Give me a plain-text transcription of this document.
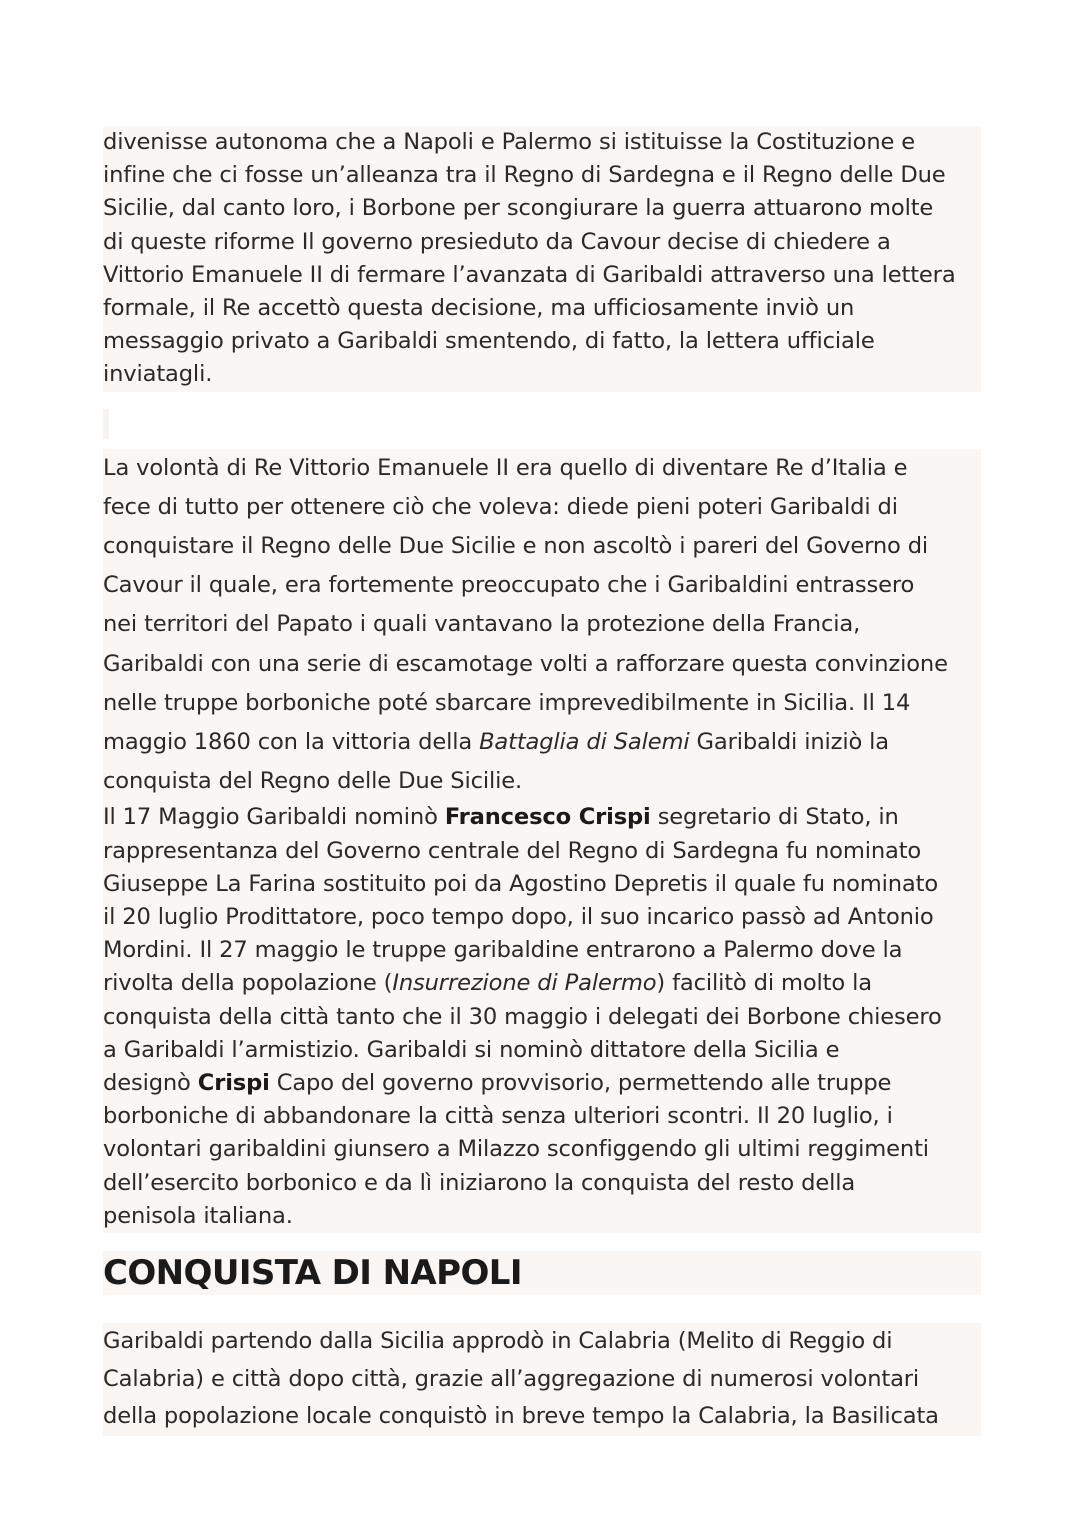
divenisse autonoma che a Napoli e Palermo si istituisse la Costituzione e
infine che ci fosse un’alleanza tra il Regno di Sardegna e il Regno delle Due
Sicilie, dal canto loro, i Borbone per scongiurare la guerra attuarono molte
di queste riforme Il governo presieduto da Cavour decise di chiedere a
Vittorio Emanuele II di fermare l’avanzata di Garibaldi attraverso una lettera
formale, il Re accettò questa decisione, ma ufficiosamente inviò un
messaggio privato a Garibaldi smentendo, di fatto, la lettera ufficiale
inviatagli.
La volontà di Re Vittorio Emanuele II era quello di diventare Re d’Italia e
fece di tutto per ottenere ciò che voleva: diede pieni poteri Garibaldi di
conquistare il Regno delle Due Sicilie e non ascoltò i pareri del Governo di
Cavour il quale, era fortemente preoccupato che i Garibaldini entrassero
nei territori del Papato i quali vantavano la protezione della Francia,
Garibaldi con una serie di escamotage volti a rafforzare questa convinzione
nelle truppe borboniche poté sbarcare imprevedibilmente in Sicilia. Il 14
maggio 1860 con la vittoria della Battaglia di Salemi Garibaldi iniziò la
conquista del Regno delle Due Sicilie.
Il 17 Maggio Garibaldi nominò Francesco Crispi segretario di Stato, in
rappresentanza del Governo centrale del Regno di Sardegna fu nominato
Giuseppe La Farina sostituito poi da Agostino Depretis il quale fu nominato
il 20 luglio Prodittatore, poco tempo dopo, il suo incarico passò ad Antonio
Mordini. Il 27 maggio le truppe garibaldine entrarono a Palermo dove la
rivolta della popolazione (Insurrezione di Palermo) facilitò di molto la
conquista della città tanto che il 30 maggio i delegati dei Borbone chiesero
a Garibaldi l’armistizio. Garibaldi si nominò dittatore della Sicilia e
designò Crispi Capo del governo provvisorio, permettendo alle truppe
borboniche di abbandonare la città senza ulteriori scontri. Il 20 luglio, i
volontari garibaldini giunsero a Milazzo sconfiggendo gli ultimi reggimenti
dell’esercito borbonico e da lì iniziarono la conquista del resto della
penisola italiana.
CONQUISTA DI NAPOLI
Garibaldi partendo dalla Sicilia approdò in Calabria (Melito di Reggio di
Calabria) e città dopo città, grazie all’aggregazione di numerosi volontari
della popolazione locale conquistò in breve tempo la Calabria, la Basilicata
